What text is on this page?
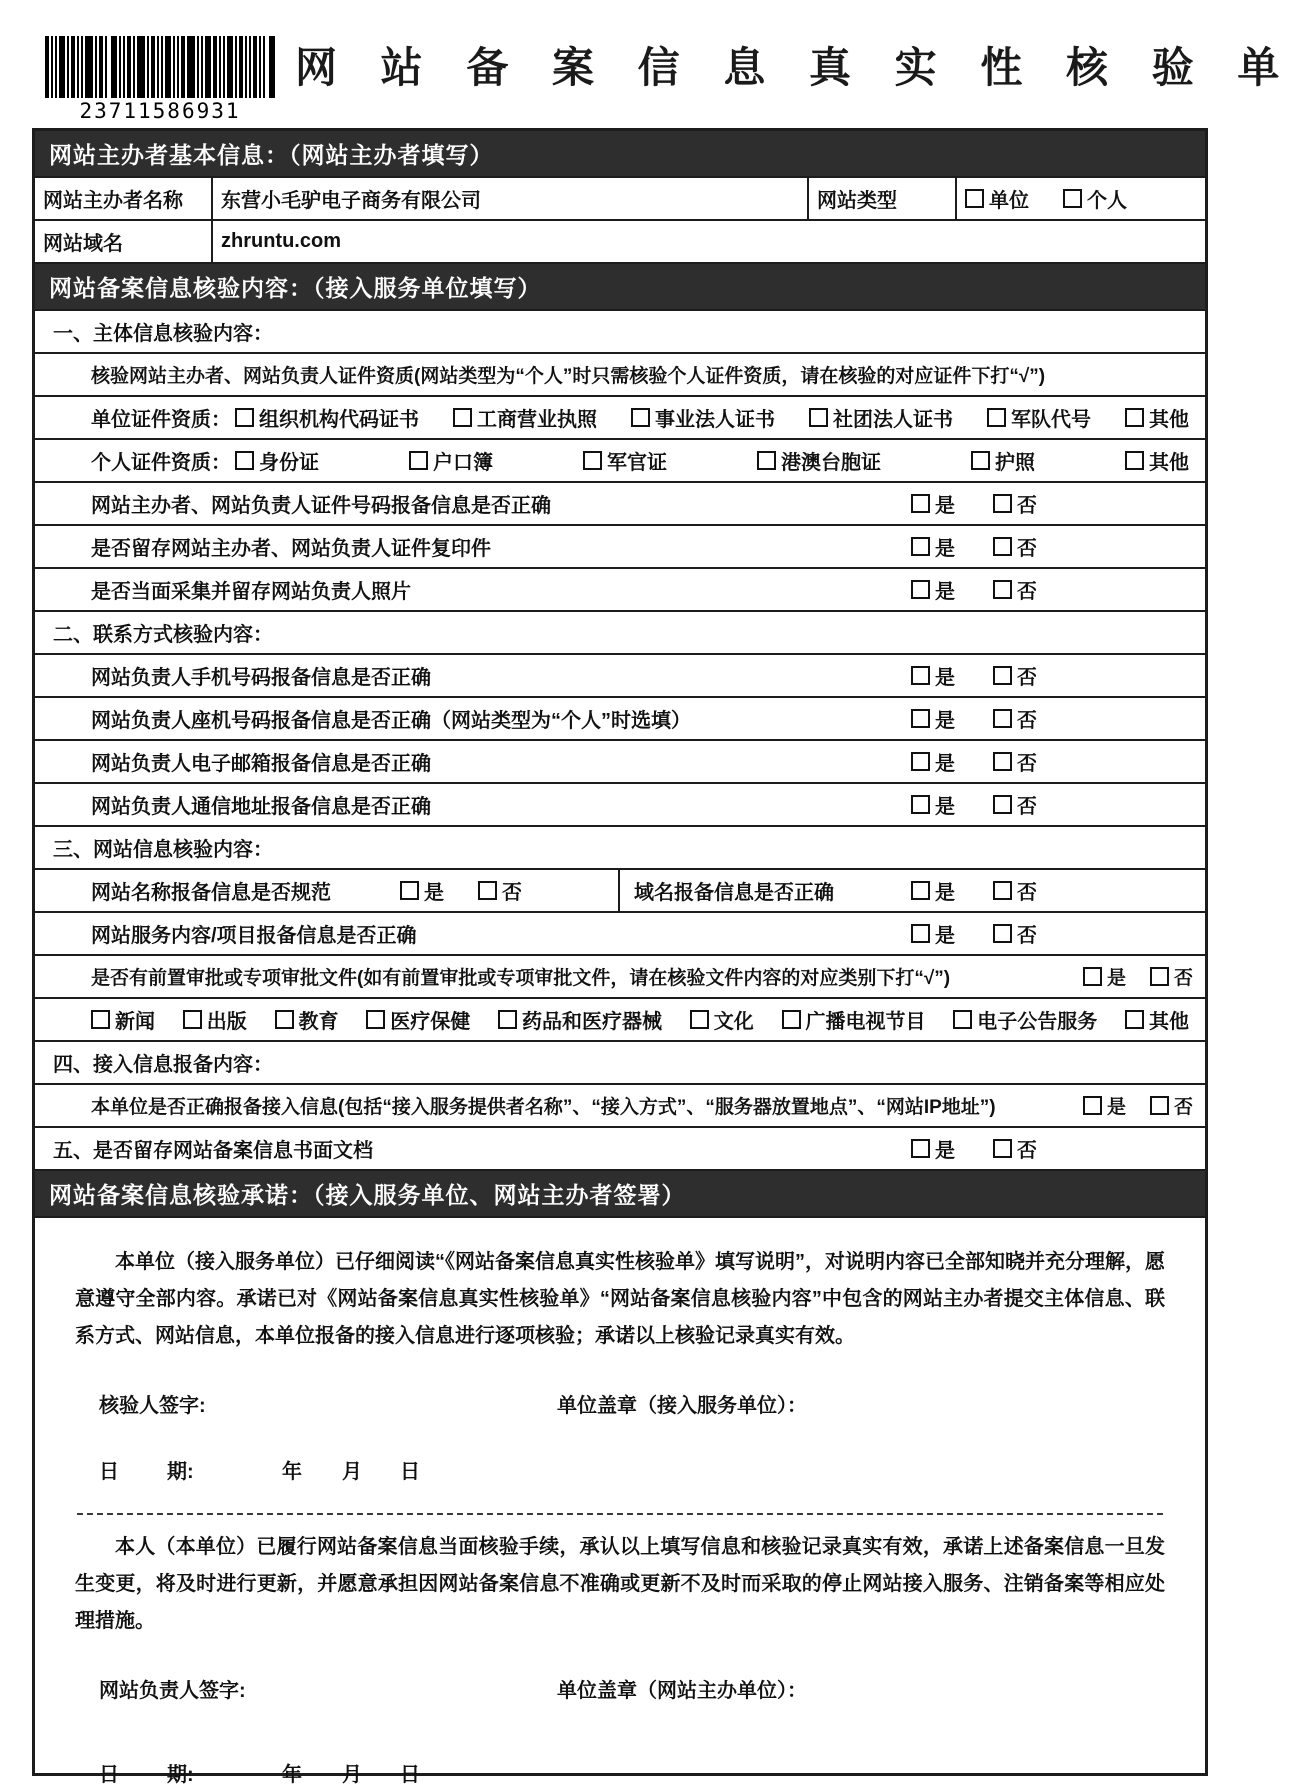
23711586931
网 站 备 案 信 息 真 实 性 核 验 单
网站主办者基本信息：（网站主办者填写）
网站主办者名称	东营小毛驴电子商务有限公司	网站类型	单位	个人
网站域名	zhruntu.com
网站备案信息核验内容：（接入服务单位填写）
一、主体信息核验内容：
核验网站主办者、网站负责人证件资质(网站类型为“个人”时只需核验个人证件资质，请在核验的对应证件下打“√”)
单位证件资质： 组织机构代码证书	工商营业执照	事业法人证书	社团法人证书	军队代号	其他
个人证件资质： 身份证	户口簿	军官证	港澳台胞证	护照	其他
网站主办者、网站负责人证件号码报备信息是否正确	是	否
是否留存网站主办者、网站负责人证件复印件	是	否
是否当面采集并留存网站负责人照片	是	否
二、联系方式核验内容：
网站负责人手机号码报备信息是否正确	是	否
网站负责人座机号码报备信息是否正确（网站类型为“个人”时选填）	是	否
网站负责人电子邮箱报备信息是否正确	是	否
网站负责人通信地址报备信息是否正确	是	否
三、网站信息核验内容：
网站名称报备信息是否规范	是	否	域名报备信息是否正确	是	否
网站服务内容/项目报备信息是否正确	是	否
是否有前置审批或专项审批文件(如有前置审批或专项审批文件，请在核验文件内容的对应类别下打“√”)	是	否
新闻	出版	教育	医疗保健	药品和医疗器械	文化	广播电视节目	电子公告服务	其他
四、接入信息报备内容：
本单位是否正确报备接入信息(包括“接入服务提供者名称”、“接入方式”、“服务器放置地点”、“网站IP地址”)	是	否
五、是否留存网站备案信息书面文档	是	否
网站备案信息核验承诺：（接入服务单位、网站主办者签署）

本单位（接入服务单位）已仔细阅读“《网站备案信息真实性核验单》填写说明”，对说明内容已全部知晓并充分理解，愿意遵守全部内容。承诺已对《网站备案信息真实性核验单》“网站备案信息核验内容”中包含的网站主办者提交主体信息、联系方式、网站信息，本单位报备的接入信息进行逐项核验；承诺以上核验记录真实有效。

核验人签字:	单位盖章（接入服务单位）：
日 期:	年 月 日

本人（本单位）已履行网站备案信息当面核验手续，承认以上填写信息和核验记录真实有效，承诺上述备案信息一旦发生变更，将及时进行更新，并愿意承担因网站备案信息不准确或更新不及时而采取的停止网站接入服务、注销备案等相应处理措施。

网站负责人签字:	单位盖章（网站主办单位）：
日 期:	年 月 日
